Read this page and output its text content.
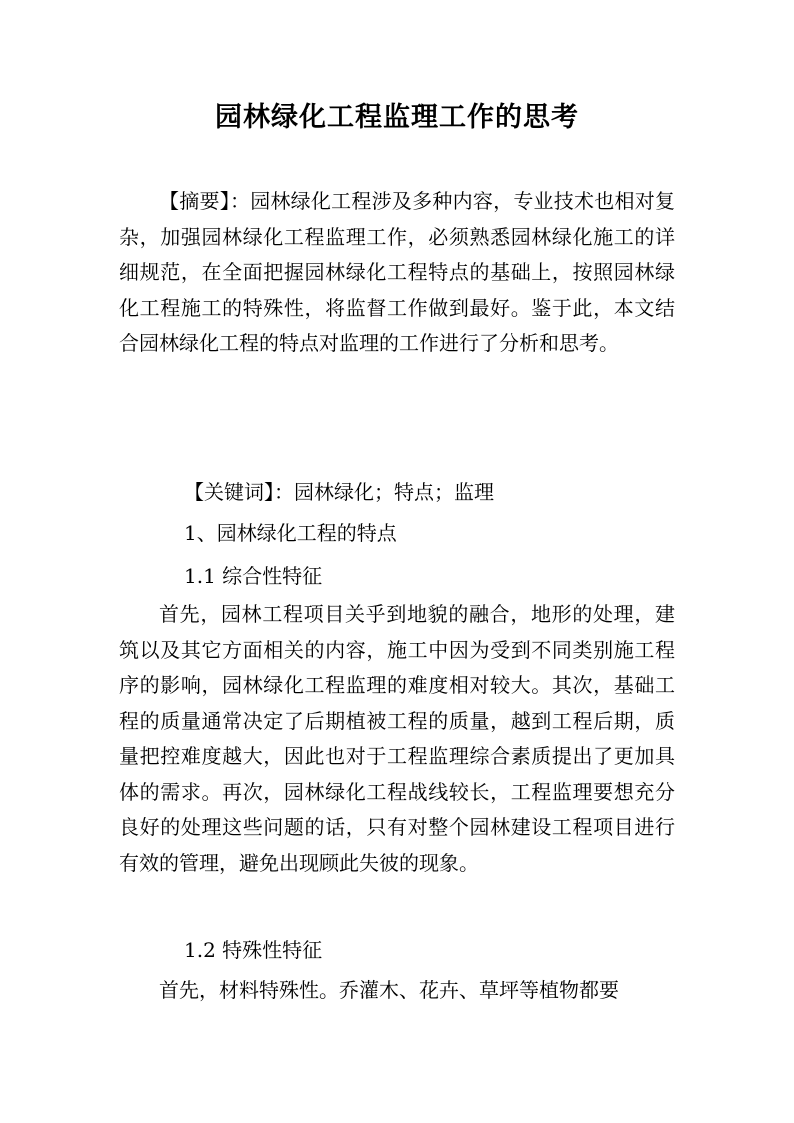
园林绿化工程监理工作的思考

【摘要】：园林绿化工程涉及多种内容，专业技术也相对复杂，加强园林绿化工程监理工作，必须熟悉园林绿化施工的详细规范，在全面把握园林绿化工程特点的基础上，按照园林绿化工程施工的特殊性，将监督工作做到最好。鉴于此，本文结合园林绿化工程的特点对监理的工作进行了分析和思考。

【关键词】：园林绿化；特点；监理

1、园林绿化工程的特点

1.1 综合性特征

首先，园林工程项目关乎到地貌的融合，地形的处理，建筑以及其它方面相关的内容，施工中因为受到不同类别施工程序的影响，园林绿化工程监理的难度相对较大。其次，基础工程的质量通常决定了后期植被工程的质量，越到工程后期，质量把控难度越大，因此也对于工程监理综合素质提出了更加具体的需求。再次，园林绿化工程战线较长，工程监理要想充分良好的处理这些问题的话，只有对整个园林建设工程项目进行有效的管理，避免出现顾此失彼的现象。

1.2 特殊性特征

首先，材料特殊性。乔灌木、花卉、草坪等植物都要
